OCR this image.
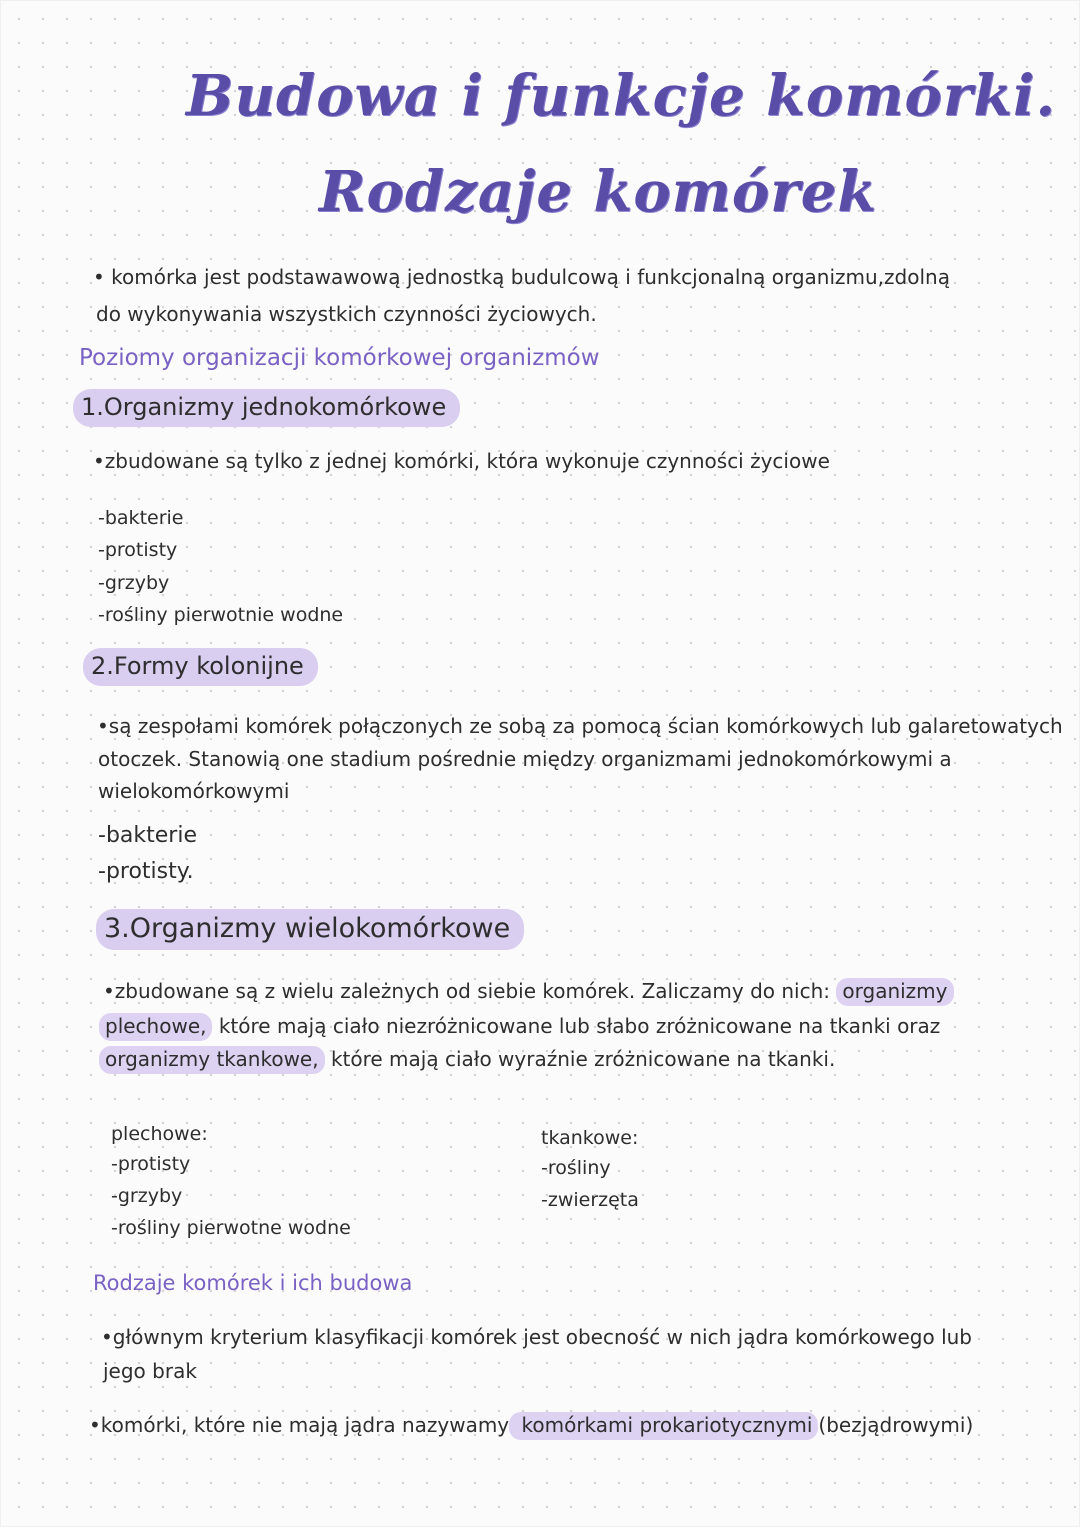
Budowa i funkcje komórki.
Rodzaje komórek
• komórka jest podstawawową jednostką budulcową i funkcjonalną organizmu,zdolną
do wykonywania wszystkich czynności życiowych.
Poziomy organizacji komórkowej organizmów
1.Organizmy jednokomórkowe
•zbudowane są tylko z jednej komórki, która wykonuje czynności życiowe
-bakterie
-protisty
-grzyby
-rośliny pierwotnie wodne
2.Formy kolonijne
•są zespołami komórek połączonych ze sobą za pomocą ścian komórkowych lub galaretowatych
otoczek. Stanowią one stadium pośrednie między organizmami jednokomórkowymi a
wielokomórkowymi
-bakterie
-protisty.
3.Organizmy wielokomórkowe
•zbudowane są z wielu zależnych od siebie komórek. Zaliczamy do nich: organizmy
plechowe, które mają ciało niezróżnicowane lub słabo zróżnicowane na tkanki oraz
organizmy tkankowe, które mają ciało wyraźnie zróżnicowane na tkanki.
plechowe:
-protisty
-grzyby
-rośliny pierwotne wodne
tkankowe:
-rośliny
-zwierzęta
Rodzaje komórek i ich budowa
•głównym kryterium klasyfikacji komórek jest obecność w nich jądra komórkowego lub
jego brak
•komórki, które nie mają jądra nazywamy komórkami prokariotycznymi (bezjądrowymi)
